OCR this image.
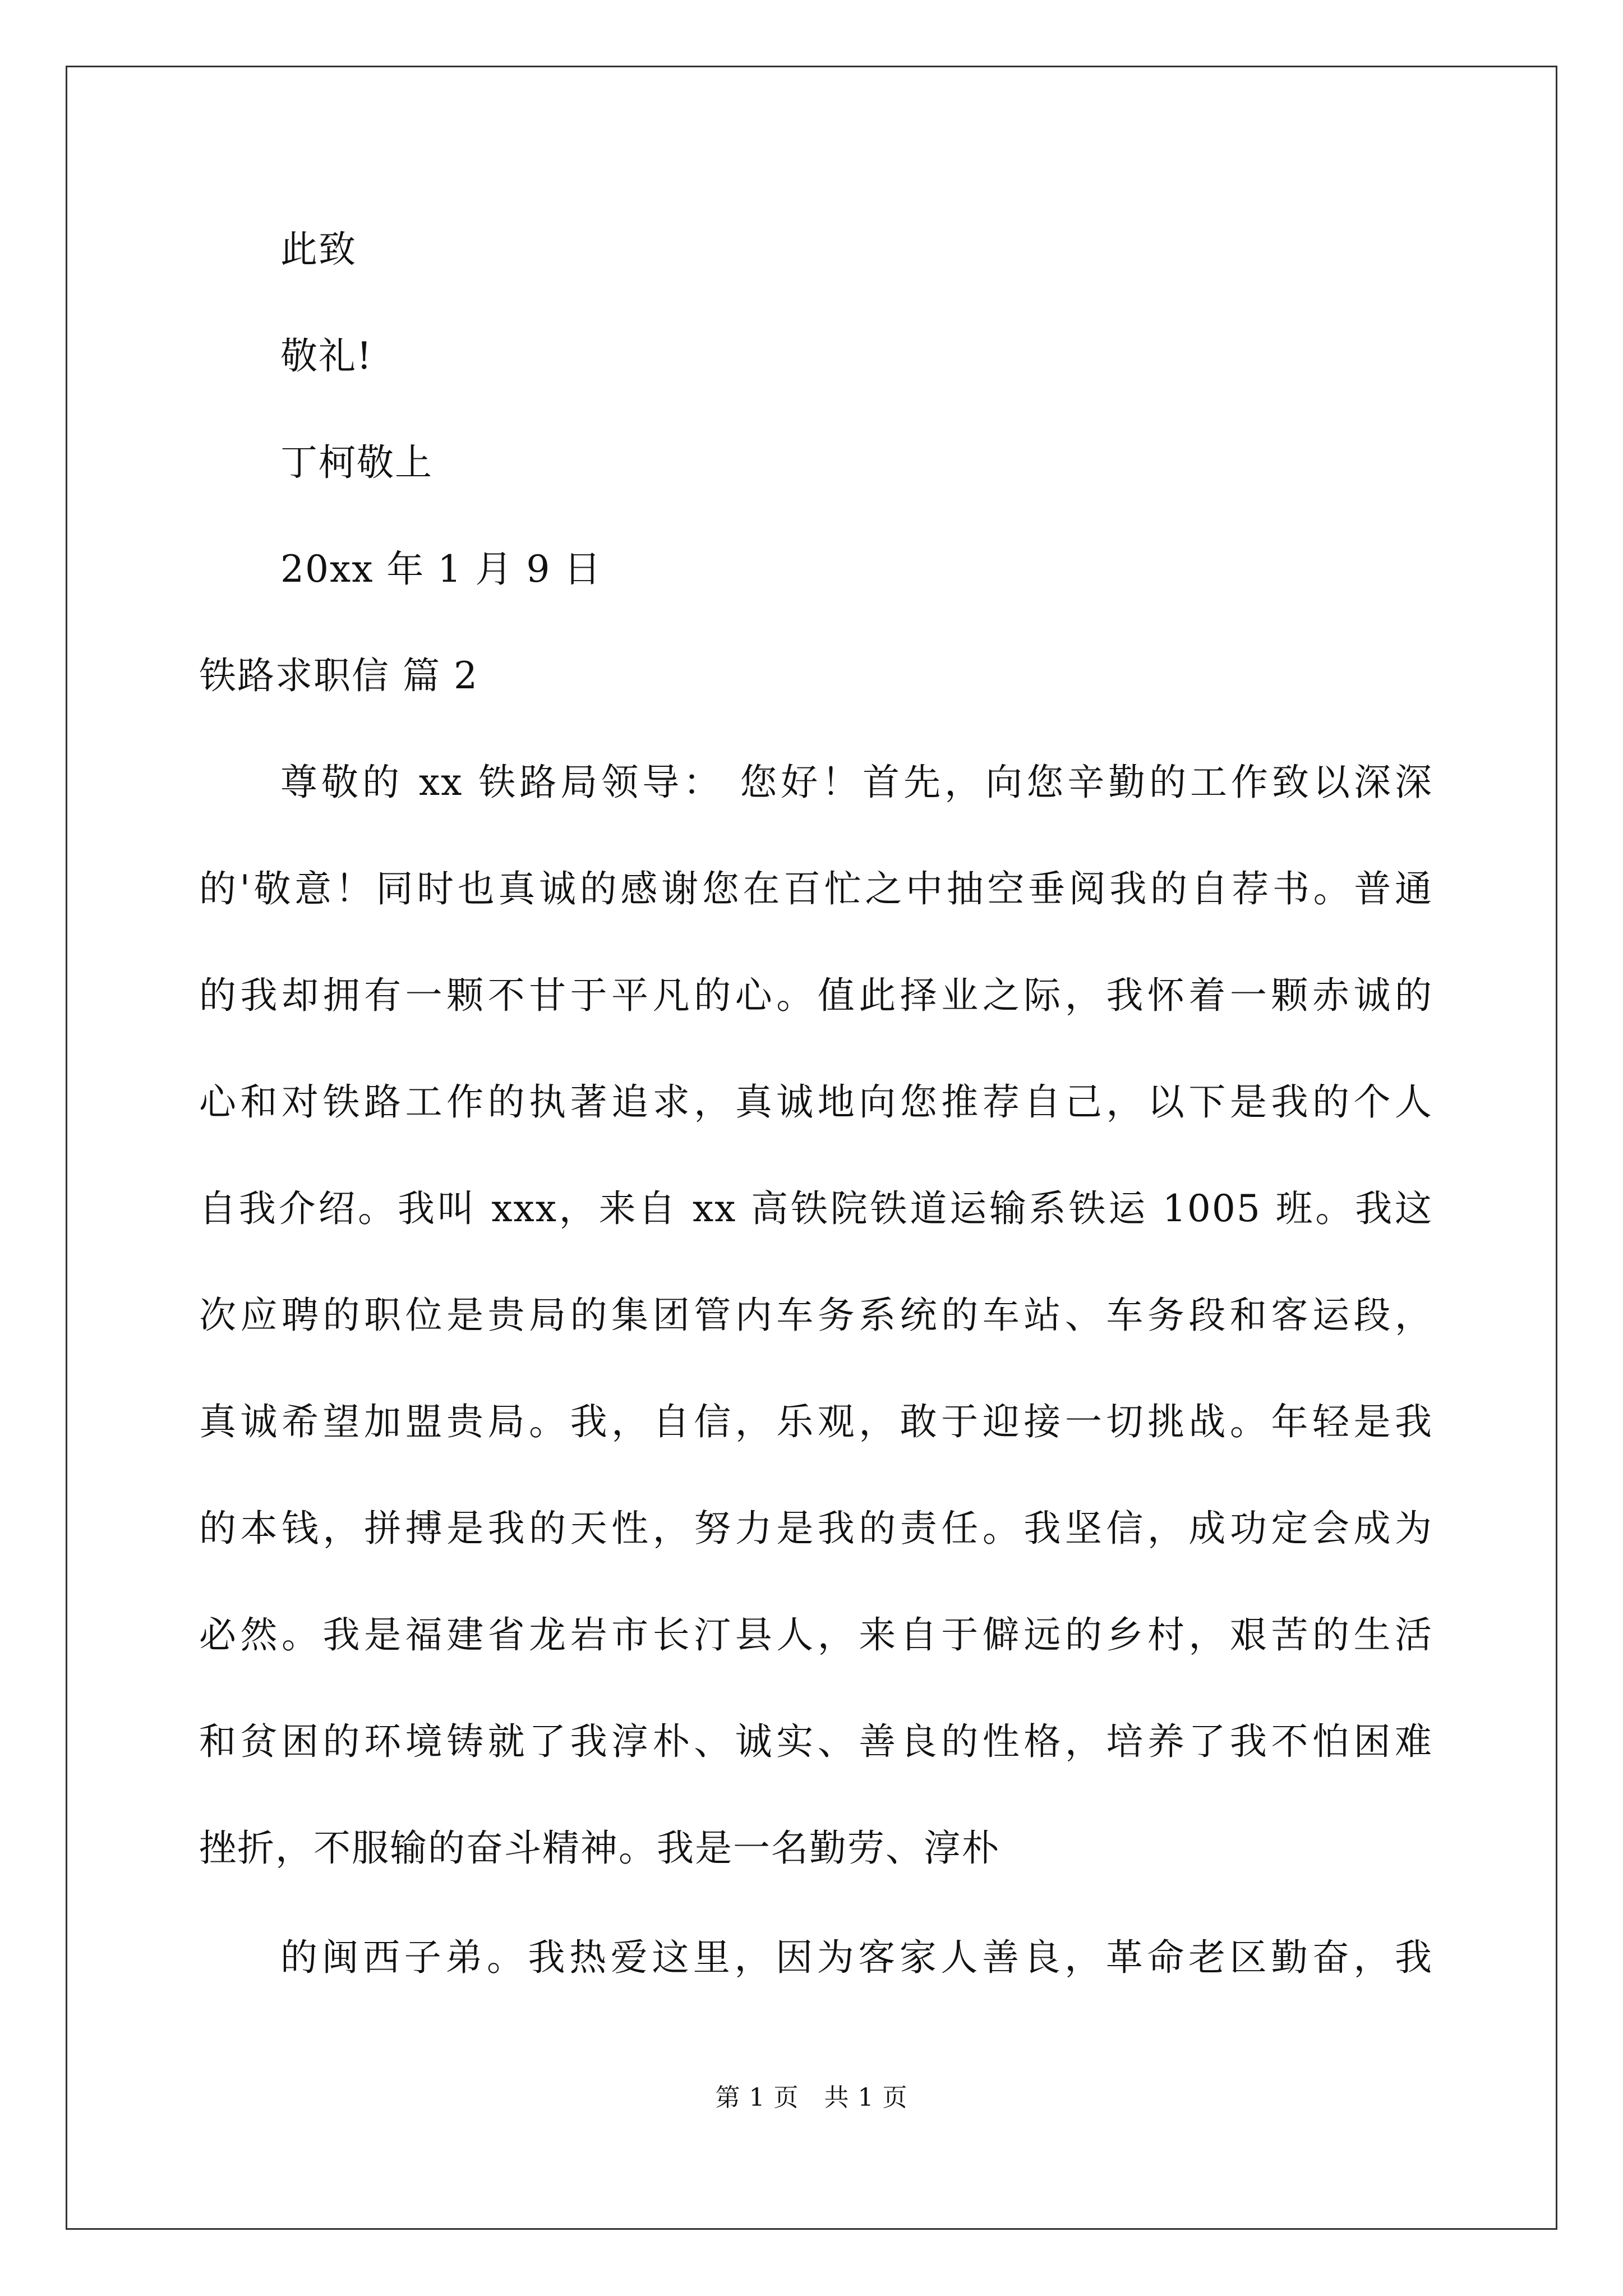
此致
敬礼!
丁柯敬上
20xx 年 1 月 9 日
铁路求职信 篇 2
尊敬的 xx 铁路局领导： 您好！首先，向您辛勤的工作致以深深
的'敬意！同时也真诚的感谢您在百忙之中抽空垂阅我的自荐书。普通
的我却拥有一颗不甘于平凡的心。值此择业之际，我怀着一颗赤诚的
心和对铁路工作的执著追求，真诚地向您推荐自己，以下是我的个人
自我介绍。我叫 xxx，来自 xx 高铁院铁道运输系铁运 1005 班。我这
次应聘的职位是贵局的集团管内车务系统的车站、车务段和客运段，
真诚希望加盟贵局。我，自信，乐观，敢于迎接一切挑战。年轻是我
的本钱，拼搏是我的天性，努力是我的责任。我坚信，成功定会成为
必然。我是福建省龙岩市长汀县人，来自于僻远的乡村，艰苦的生活
和贫困的环境铸就了我淳朴、诚实、善良的性格，培养了我不怕困难
挫折，不服输的奋斗精神。我是一名勤劳、淳朴
的闽西子弟。我热爱这里，因为客家人善良，革命老区勤奋，我
第 1 页　共 1 页
